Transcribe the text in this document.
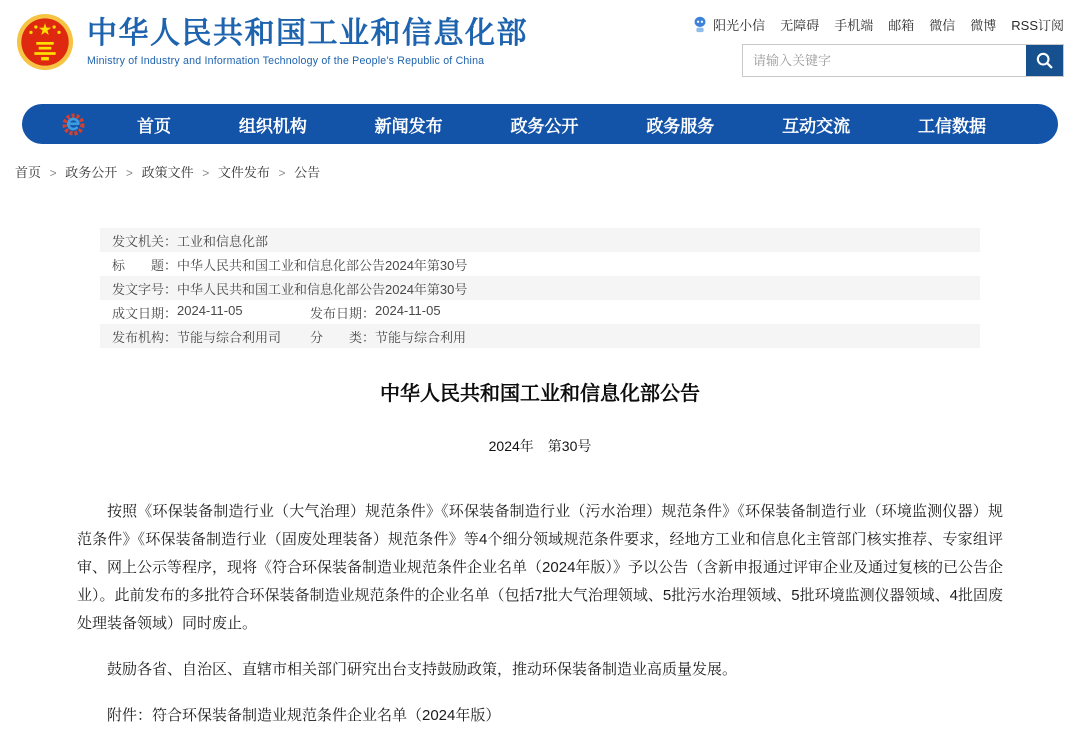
中华人民共和国工业和信息化部
Ministry of Industry and Information Technology of the People's Republic of China
阳光小信 无障碍 手机端 邮箱 微信 微博 RSS订阅
请输入关键字
首页	组织机构	新闻发布	政务公开	政务服务	互动交流	工信数据
首页 > 政务公开 > 政策文件 > 文件发布 > 公告
发文机关： 工业和信息化部
标　　题： 中华人民共和国工业和信息化部公告2024年第30号
发文字号： 中华人民共和国工业和信息化部公告2024年第30号
成文日期： 2024-11-05	发布日期： 2024-11-05
发布机构： 节能与综合利用司 分　　类： 节能与综合利用
中华人民共和国工业和信息化部公告
2024年　第30号

按照《环保装备制造行业（大气治理）规范条件》《环保装备制造行业（污水治理）规范条件》《环保装备制造行业（环境监测仪器）规范条件》《环保装备制造行业（固废处理装备）规范条件》等4个细分领域规范条件要求，经地方工业和信息化主管部门核实推荐、专家组评审、网上公示等程序，现将《符合环保装备制造业规范条件企业名单（2024年版）》予以公告（含新申报通过评审企业及通过复核的已公告企业）。此前发布的多批符合环保装备制造业规范条件的企业名单（包括7批大气治理领域、5批污水治理领域、5批环境监测仪器领域、4批固废处理装备领域）同时废止。

鼓励各省、自治区、直辖市相关部门研究出台支持鼓励政策，推动环保装备制造业高质量发展。

附件：符合环保装备制造业规范条件企业名单（2024年版）
